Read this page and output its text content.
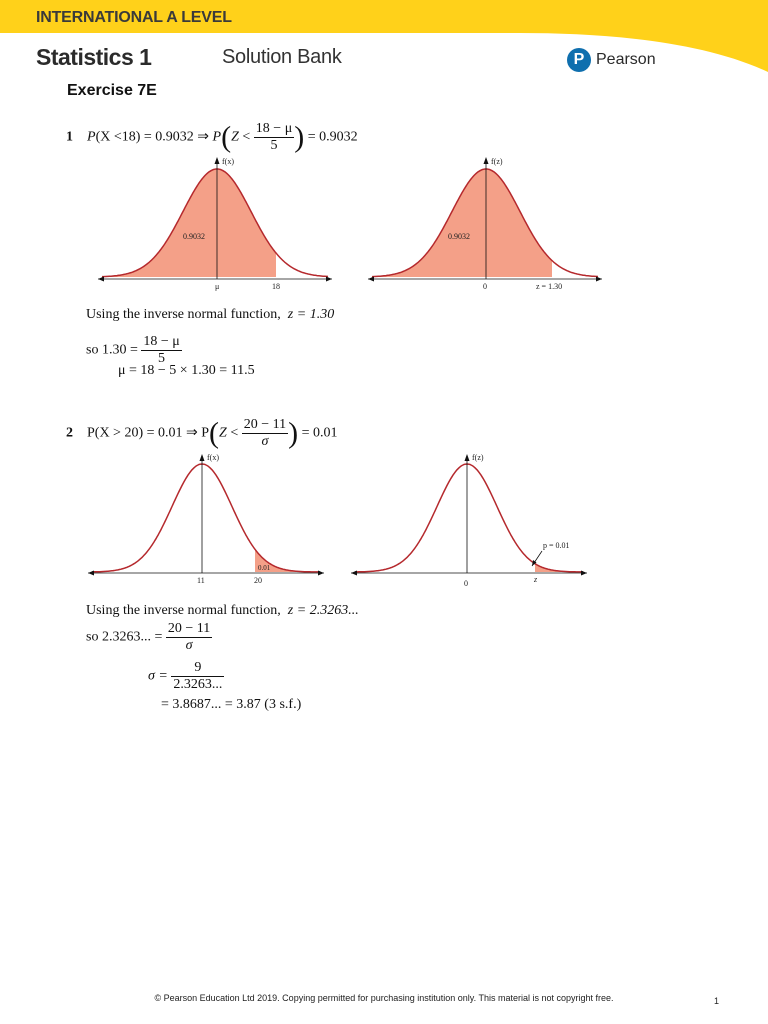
INTERNATIONAL A LEVEL
Statistics 1	Solution Bank	P Pearson
Exercise 7E
1 P(X <18) = 0.9032 ⇒ $P(Z < \frac{18 - \mu}{5}$ ) = 0.9032
f(x)
0.9032
μ	18
f(z)
0.9032
0	z = 1.30
Using the inverse normal function, z = 1.30
so $1.30 = \frac{18 - \mu}{5}$
μ = 18 − 5 × 1.30 = 11.5
2 P(X > 20) = 0.01 ⇒ $P(Z < \frac{20 - 11}{\sigma}$ ) = 0.01
f(x)
0.01
11	20
f(z)
p = 0.01
0	z
Using the inverse normal function, z = 2.3263...
so 2.3263... = $\frac{20 - 11}{\sigma}$
$\sigma = \frac{9}{2.3263...}$
= 3.8687... = 3.87 (3 s.f.)
© Pearson Education Ltd 2019. Copying permitted for purchasing institution only. This material is not copyright free.	1
